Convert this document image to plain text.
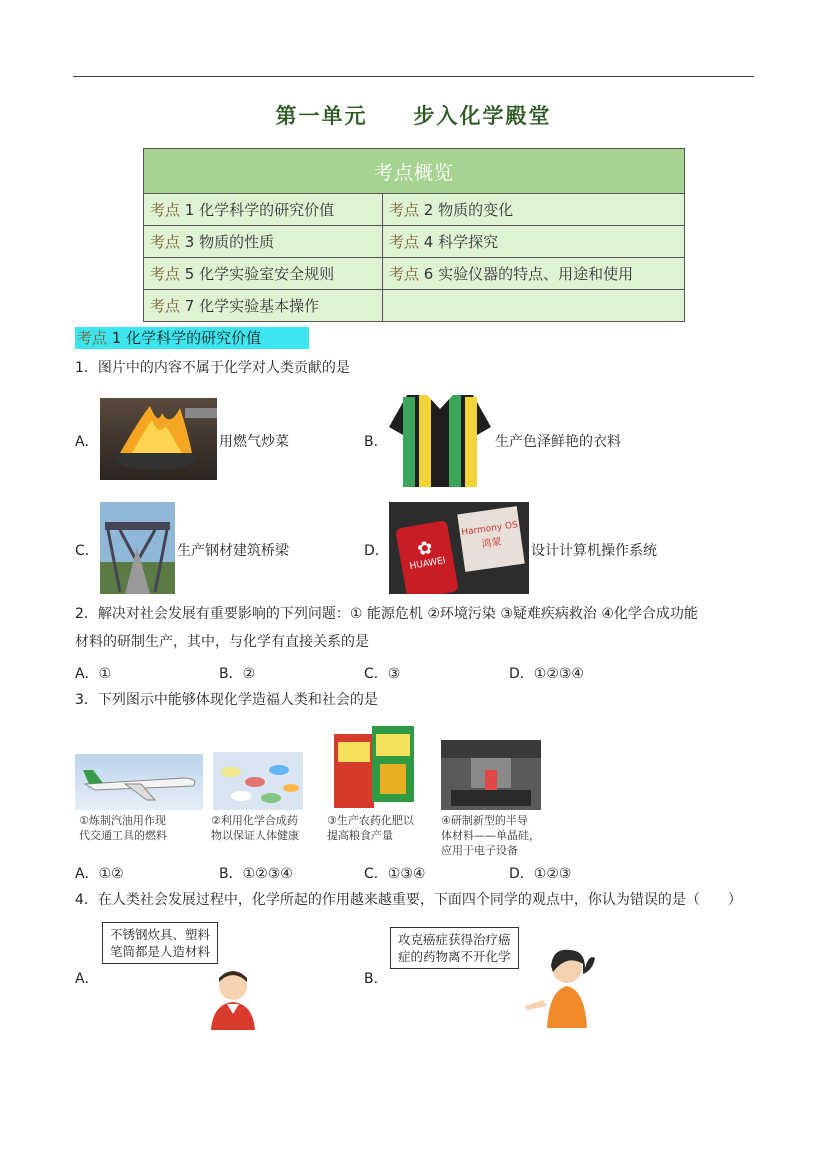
第一单元　　步入化学殿堂
考点概览	
考点 1 化学科学的研究价值	考点 2 物质的变化
考点 3 物质的性质	考点 4 科学探究
考点 5 化学实验室安全规则	考点 6 实验仪器的特点、用途和使用
考点 7 化学实验基本操作	
考点 1 化学科学的研究价值
1．图片中的内容不属于化学对人类贡献的是
A．	用燃气炒菜	B．	生产色泽鲜艳的衣料
C．	生产钢材建筑桥梁	D．
Harmony OS
鸿蒙
✿
HUAWEI
设计计算机操作系统
2．解决对社会发展有重要影响的下列问题：① 能源危机 ②环境污染 ③疑难疾病救治 ④化学合成功能
材料的研制生产，其中，与化学有直接关系的是
A．①	B．②	C．③	D．①②③④
3．下列图示中能够体现化学造福人类和社会的是
①炼制汽油用作现
代交通工具的燃料
②利用化学合成药
物以保证人体健康
③生产农药化肥以
提高粮食产量
④研制新型的半导
体材料——单晶硅，
应用于电子设备
A．①②	B．①②③④	C．①③④	D．①②③
4．在人类社会发展过程中，化学所起的作用越来越重要，下面四个同学的观点中，你认为错误的是（　　）
A．
不锈钢炊具、塑料
笔筒都是人造材料
B．
攻克癌症获得治疗癌
症的药物离不开化学
